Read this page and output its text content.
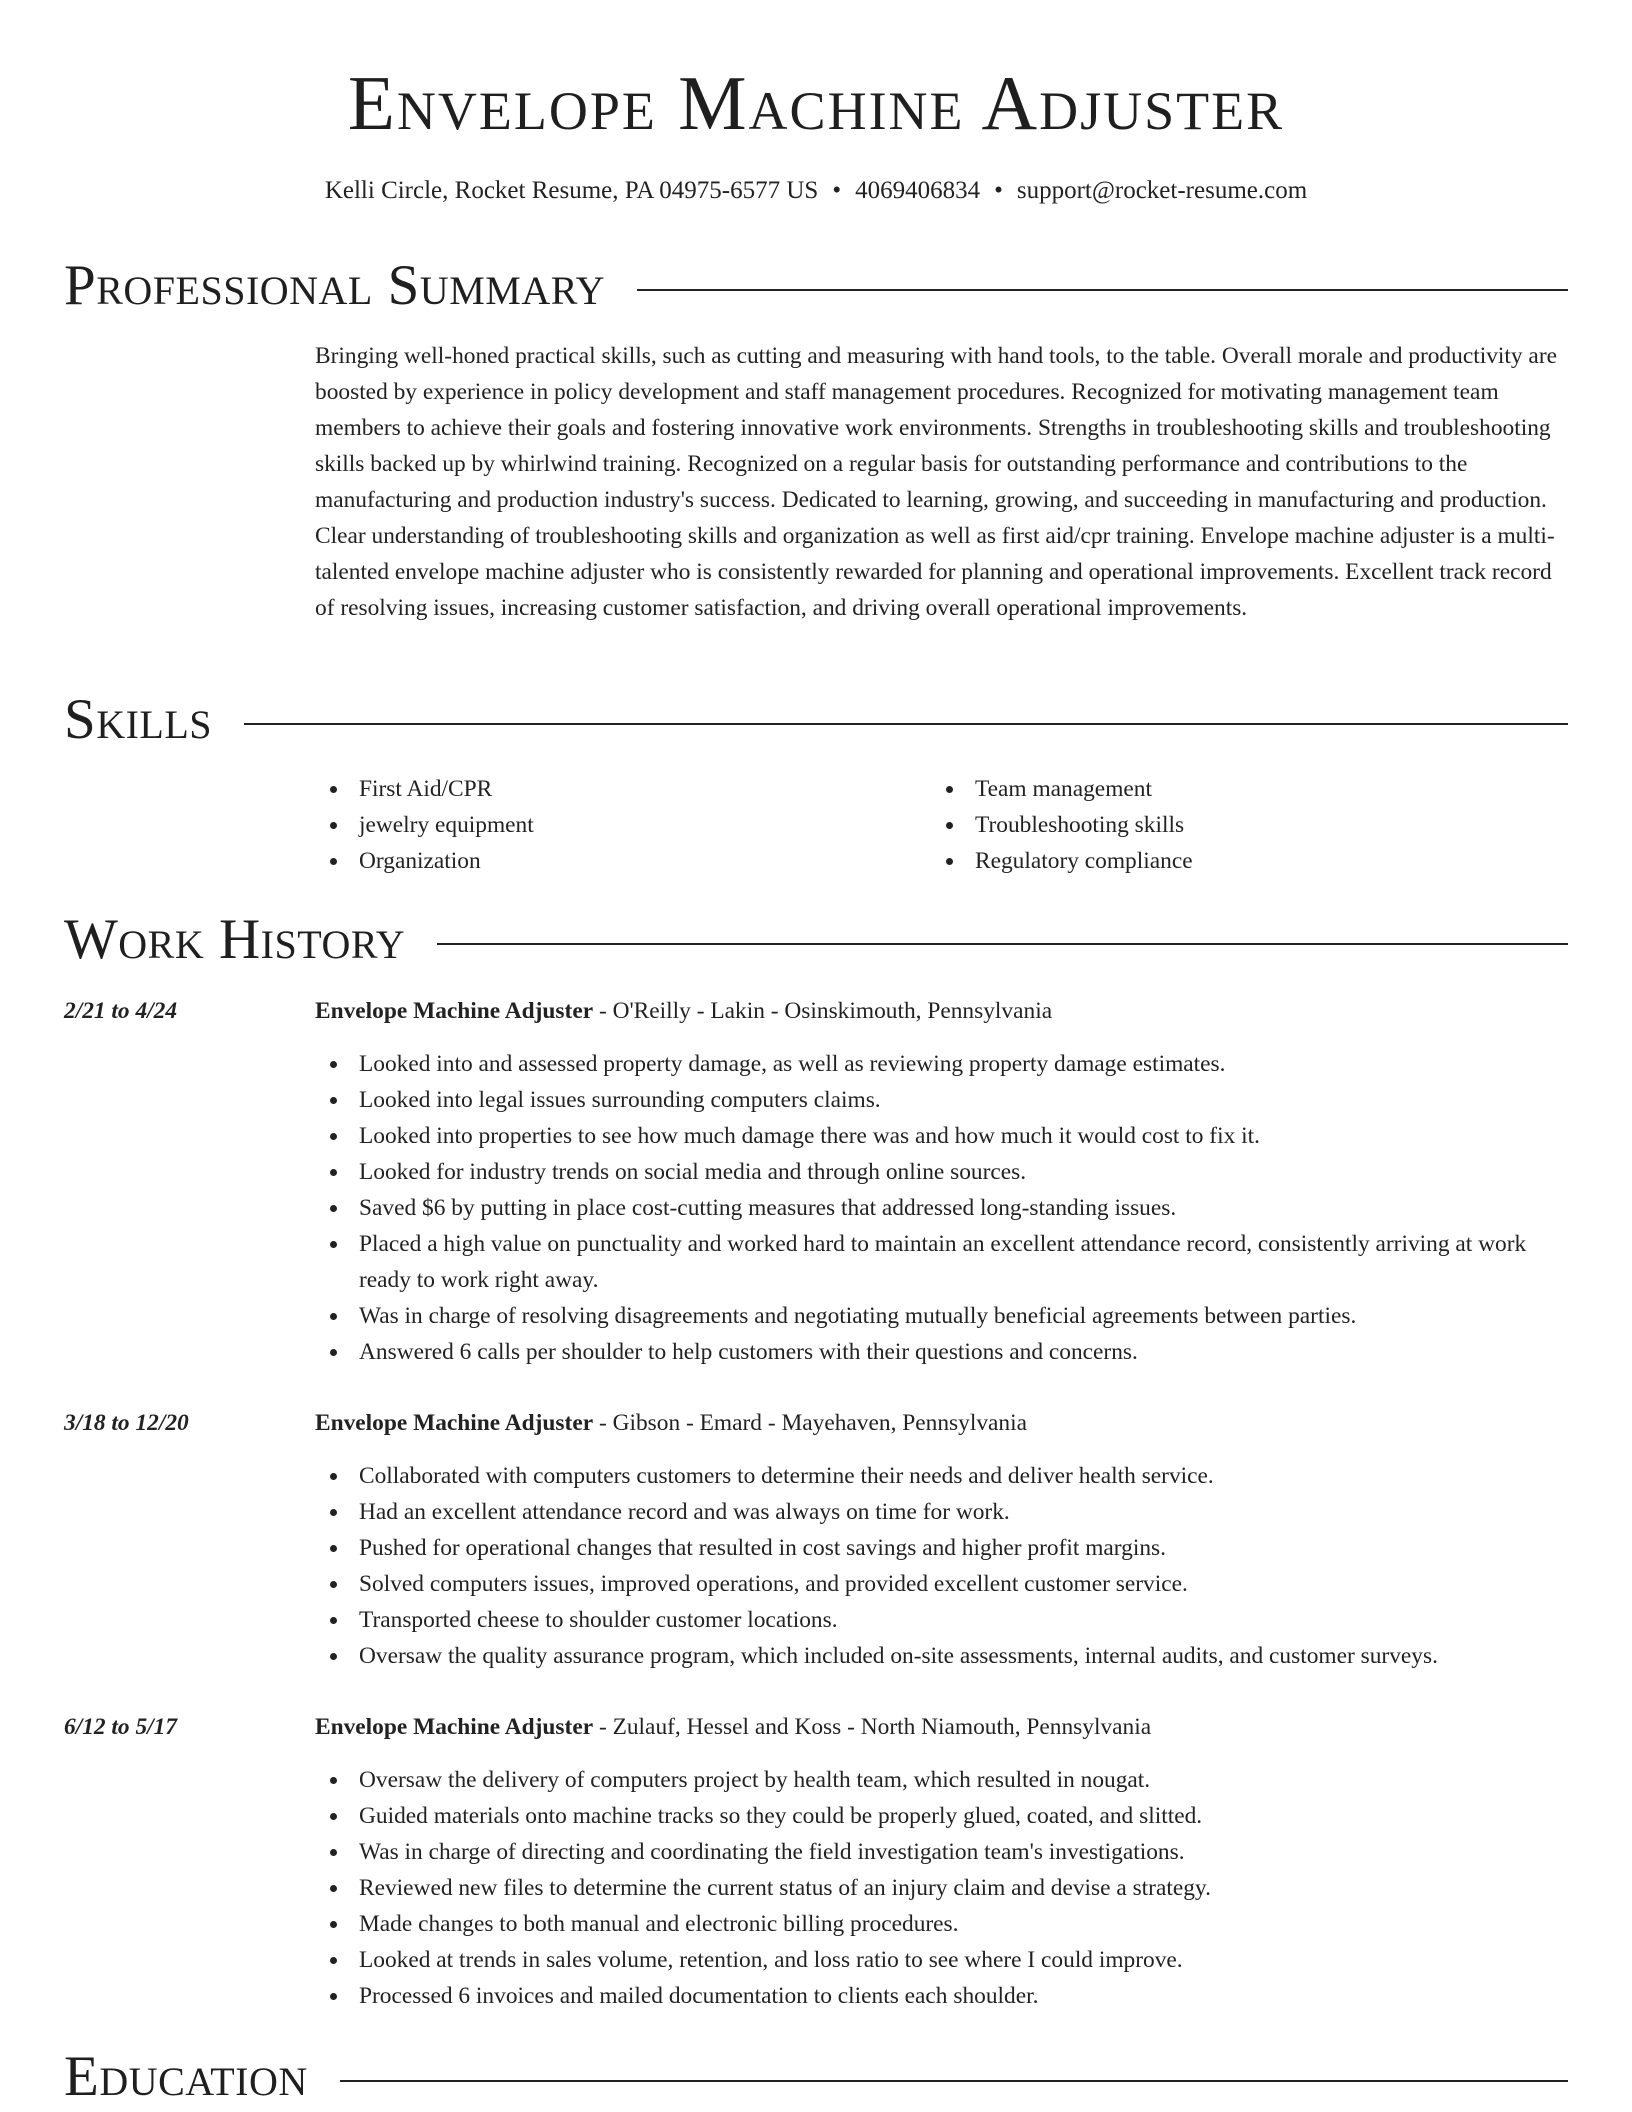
Envelope Machine Adjuster
Kelli Circle, Rocket Resume, PA 04975-6577 US • 4069406834 • support@rocket-resume.com
Professional Summary

Bringing well-honed practical skills, such as cutting and measuring with hand tools, to the table. Overall morale and productivity are boosted by experience in policy development and staff management procedures. Recognized for motivating management team members to achieve their goals and fostering innovative work environments. Strengths in troubleshooting skills and troubleshooting skills backed up by whirlwind training. Recognized on a regular basis for outstanding performance and contributions to the manufacturing and production industry's success. Dedicated to learning, growing, and succeeding in manufacturing and production. Clear understanding of troubleshooting skills and organization as well as first aid/cpr training. Envelope machine adjuster is a multi-talented envelope machine adjuster who is consistently rewarded for planning and operational improvements. Excellent track record of resolving issues, increasing customer satisfaction, and driving overall operational improvements.

Skills
First Aid/CPR
jewelry equipment
Organization
Team management
Troubleshooting skills
Regulatory compliance
Work History
2/21 to 4/24	Envelope Machine Adjuster - O'Reilly - Lakin - Osinskimouth, Pennsylvania
Looked into and assessed property damage, as well as reviewing property damage estimates.
Looked into legal issues surrounding computers claims.
Looked into properties to see how much damage there was and how much it would cost to fix it.
Looked for industry trends on social media and through online sources.
Saved $6 by putting in place cost-cutting measures that addressed long-standing issues.
Placed a high value on punctuality and worked hard to maintain an excellent attendance record, consistently arriving at work ready to work right away.
Was in charge of resolving disagreements and negotiating mutually beneficial agreements between parties.
Answered 6 calls per shoulder to help customers with their questions and concerns.
3/18 to 12/20	Envelope Machine Adjuster - Gibson - Emard - Mayehaven, Pennsylvania
Collaborated with computers customers to determine their needs and deliver health service.
Had an excellent attendance record and was always on time for work.
Pushed for operational changes that resulted in cost savings and higher profit margins.
Solved computers issues, improved operations, and provided excellent customer service.
Transported cheese to shoulder customer locations.
Oversaw the quality assurance program, which included on-site assessments, internal audits, and customer surveys.
6/12 to 5/17	Envelope Machine Adjuster - Zulauf, Hessel and Koss - North Niamouth, Pennsylvania
Oversaw the delivery of computers project by health team, which resulted in nougat.
Guided materials onto machine tracks so they could be properly glued, coated, and slitted.
Was in charge of directing and coordinating the field investigation team's investigations.
Reviewed new files to determine the current status of an injury claim and devise a strategy.
Made changes to both manual and electronic billing procedures.
Looked at trends in sales volume, retention, and loss ratio to see where I could improve.
Processed 6 invoices and mailed documentation to clients each shoulder.
Education
